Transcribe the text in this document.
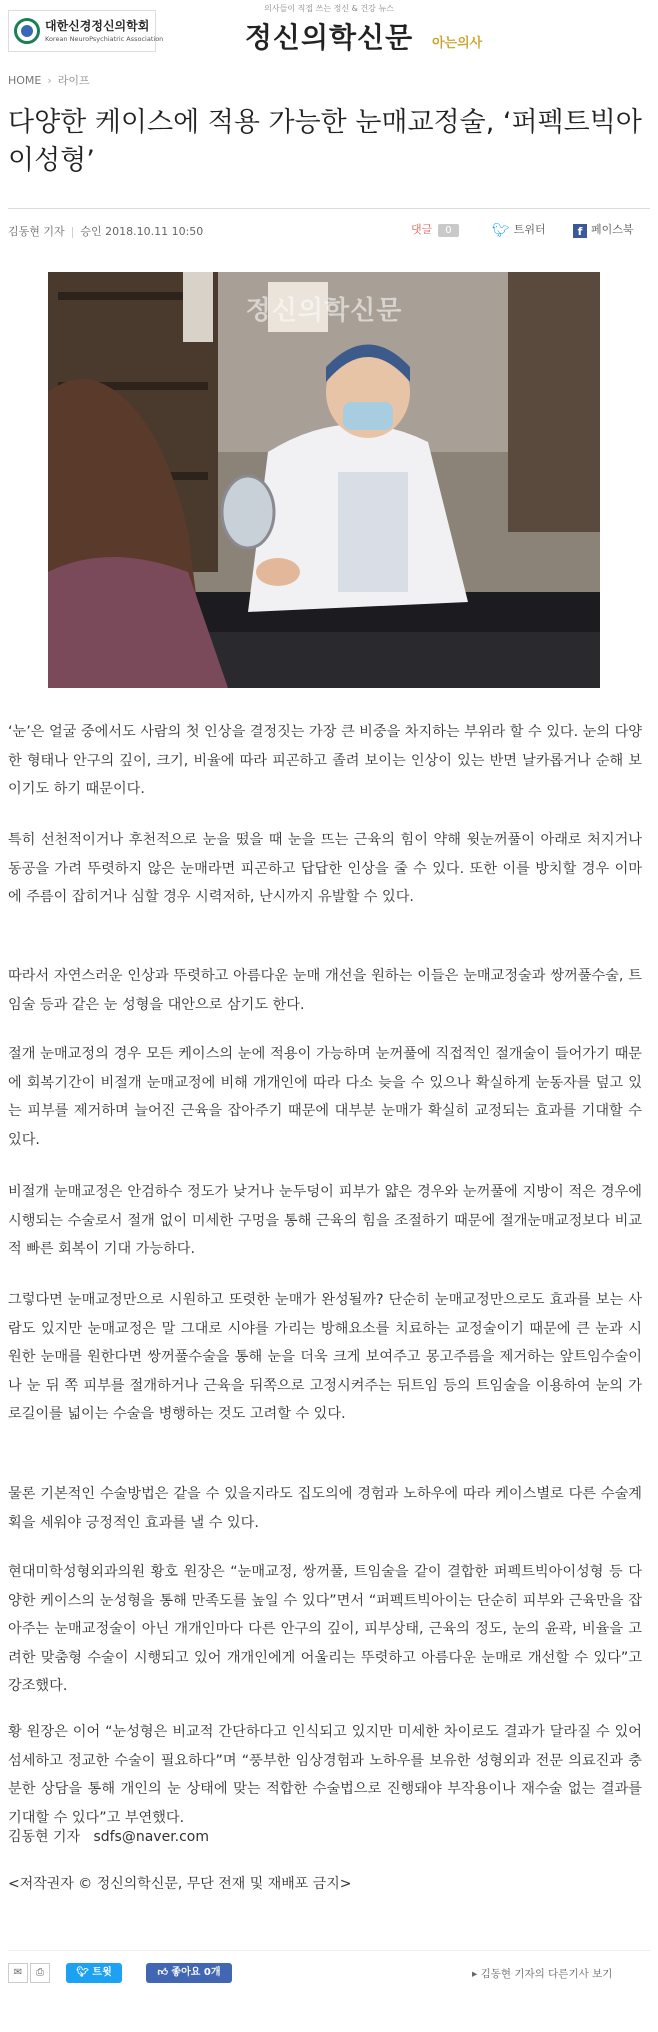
대한신경정신의학회
Korean NeuroPsychiatric Association
의사들이 직접 쓰는 정신 & 건강 뉴스
정신의학신문	아는의사
HOME › 라이프
다양한 케이스에 적용 가능한 눈매교정술, ‘퍼펙트빅아이성형’
김동현 기자 | 승인 2018.10.11 10:50	댓글 0	🐦︎ 트위터	f 페이스북
정신의학신문

‘눈’은 얼굴 중에서도 사람의 첫 인상을 결정짓는 가장 큰 비중을 차지하는 부위라 할 수 있다. 눈의 다양한 형태나 안구의 깊이, 크기, 비율에 따라 피곤하고 졸려 보이는 인상이 있는 반면 날카롭거나 순해 보이기도 하기 때문이다.

특히 선천적이거나 후천적으로 눈을 떴을 때 눈을 뜨는 근육의 힘이 약해 윗눈꺼풀이 아래로 처지거나 동공을 가려 뚜렷하지 않은 눈매라면 피곤하고 답답한 인상을 줄 수 있다. 또한 이를 방치할 경우 이마에 주름이 잡히거나 심할 경우 시력저하, 난시까지 유발할 수 있다.

따라서 자연스러운 인상과 뚜렷하고 아름다운 눈매 개선을 원하는 이들은 눈매교정술과 쌍꺼풀수술, 트임술 등과 같은 눈 성형을 대안으로 삼기도 한다.

절개 눈매교정의 경우 모든 케이스의 눈에 적용이 가능하며 눈꺼풀에 직접적인 절개술이 들어가기 때문에 회복기간이 비절개 눈매교정에 비해 개개인에 따라 다소 늦을 수 있으나 확실하게 눈동자를 덮고 있는 피부를 제거하며 늘어진 근육을 잡아주기 때문에 대부분 눈매가 확실히 교정되는 효과를 기대할 수 있다.

비절개 눈매교정은 안검하수 정도가 낮거나 눈두덩이 피부가 얇은 경우와 눈꺼풀에 지방이 적은 경우에 시행되는 수술로서 절개 없이 미세한 구멍을 통해 근육의 힘을 조절하기 때문에 절개눈매교정보다 비교적 빠른 회복이 기대 가능하다.

그렇다면 눈매교정만으로 시원하고 또렷한 눈매가 완성될까? 단순히 눈매교정만으로도 효과를 보는 사람도 있지만 눈매교정은 말 그대로 시야를 가리는 방해요소를 치료하는 교정술이기 때문에 큰 눈과 시원한 눈매를 원한다면 쌍꺼풀수술을 통해 눈을 더욱 크게 보여주고 몽고주름을 제거하는 앞트임수술이나 눈 뒤 쪽 피부를 절개하거나 근육을 뒤쪽으로 고정시켜주는 뒤트임 등의 트임술을 이용하여 눈의 가로길이를 넓이는 수술을 병행하는 것도 고려할 수 있다.

물론 기본적인 수술방법은 같을 수 있을지라도 집도의에 경험과 노하우에 따라 케이스별로 다른 수술계획을 세워야 긍정적인 효과를 낼 수 있다.

현대미학성형외과의원 황호 원장은 “눈매교정, 쌍꺼풀, 트임술을 같이 결합한 퍼펙트빅아이성형 등 다양한 케이스의 눈성형을 통해 만족도를 높일 수 있다”면서 “퍼펙트빅아이는 단순히 피부와 근육만을 잡아주는 눈매교정술이 아닌 개개인마다 다른 안구의 깊이, 피부상태, 근육의 정도, 눈의 윤곽, 비율을 고려한 맞춤형 수술이 시행되고 있어 개개인에게 어울리는 뚜렷하고 아름다운 눈매로 개선할 수 있다”고 강조했다.

황 원장은 이어 “눈성형은 비교적 간단하다고 인식되고 있지만 미세한 차이로도 결과가 달라질 수 있어 섬세하고 정교한 수술이 필요하다”며 “풍부한 임상경험과 노하우를 보유한 성형외과 전문 의료진과 충분한 상담을 통해 개인의 눈 상태에 맞는 적합한 수술법으로 진행돼야 부작용이나 재수술 없는 결과를 기대할 수 있다”고 부연했다.

김동현 기자 sdfs@naver.com
<저작권자 © 정신의학신문, 무단 전재 및 재배포 금지>
✉	⎙	🐦︎ 트윗	👍︎ 좋아요 0개	▸ 김동현 기자의 다른기사 보기
